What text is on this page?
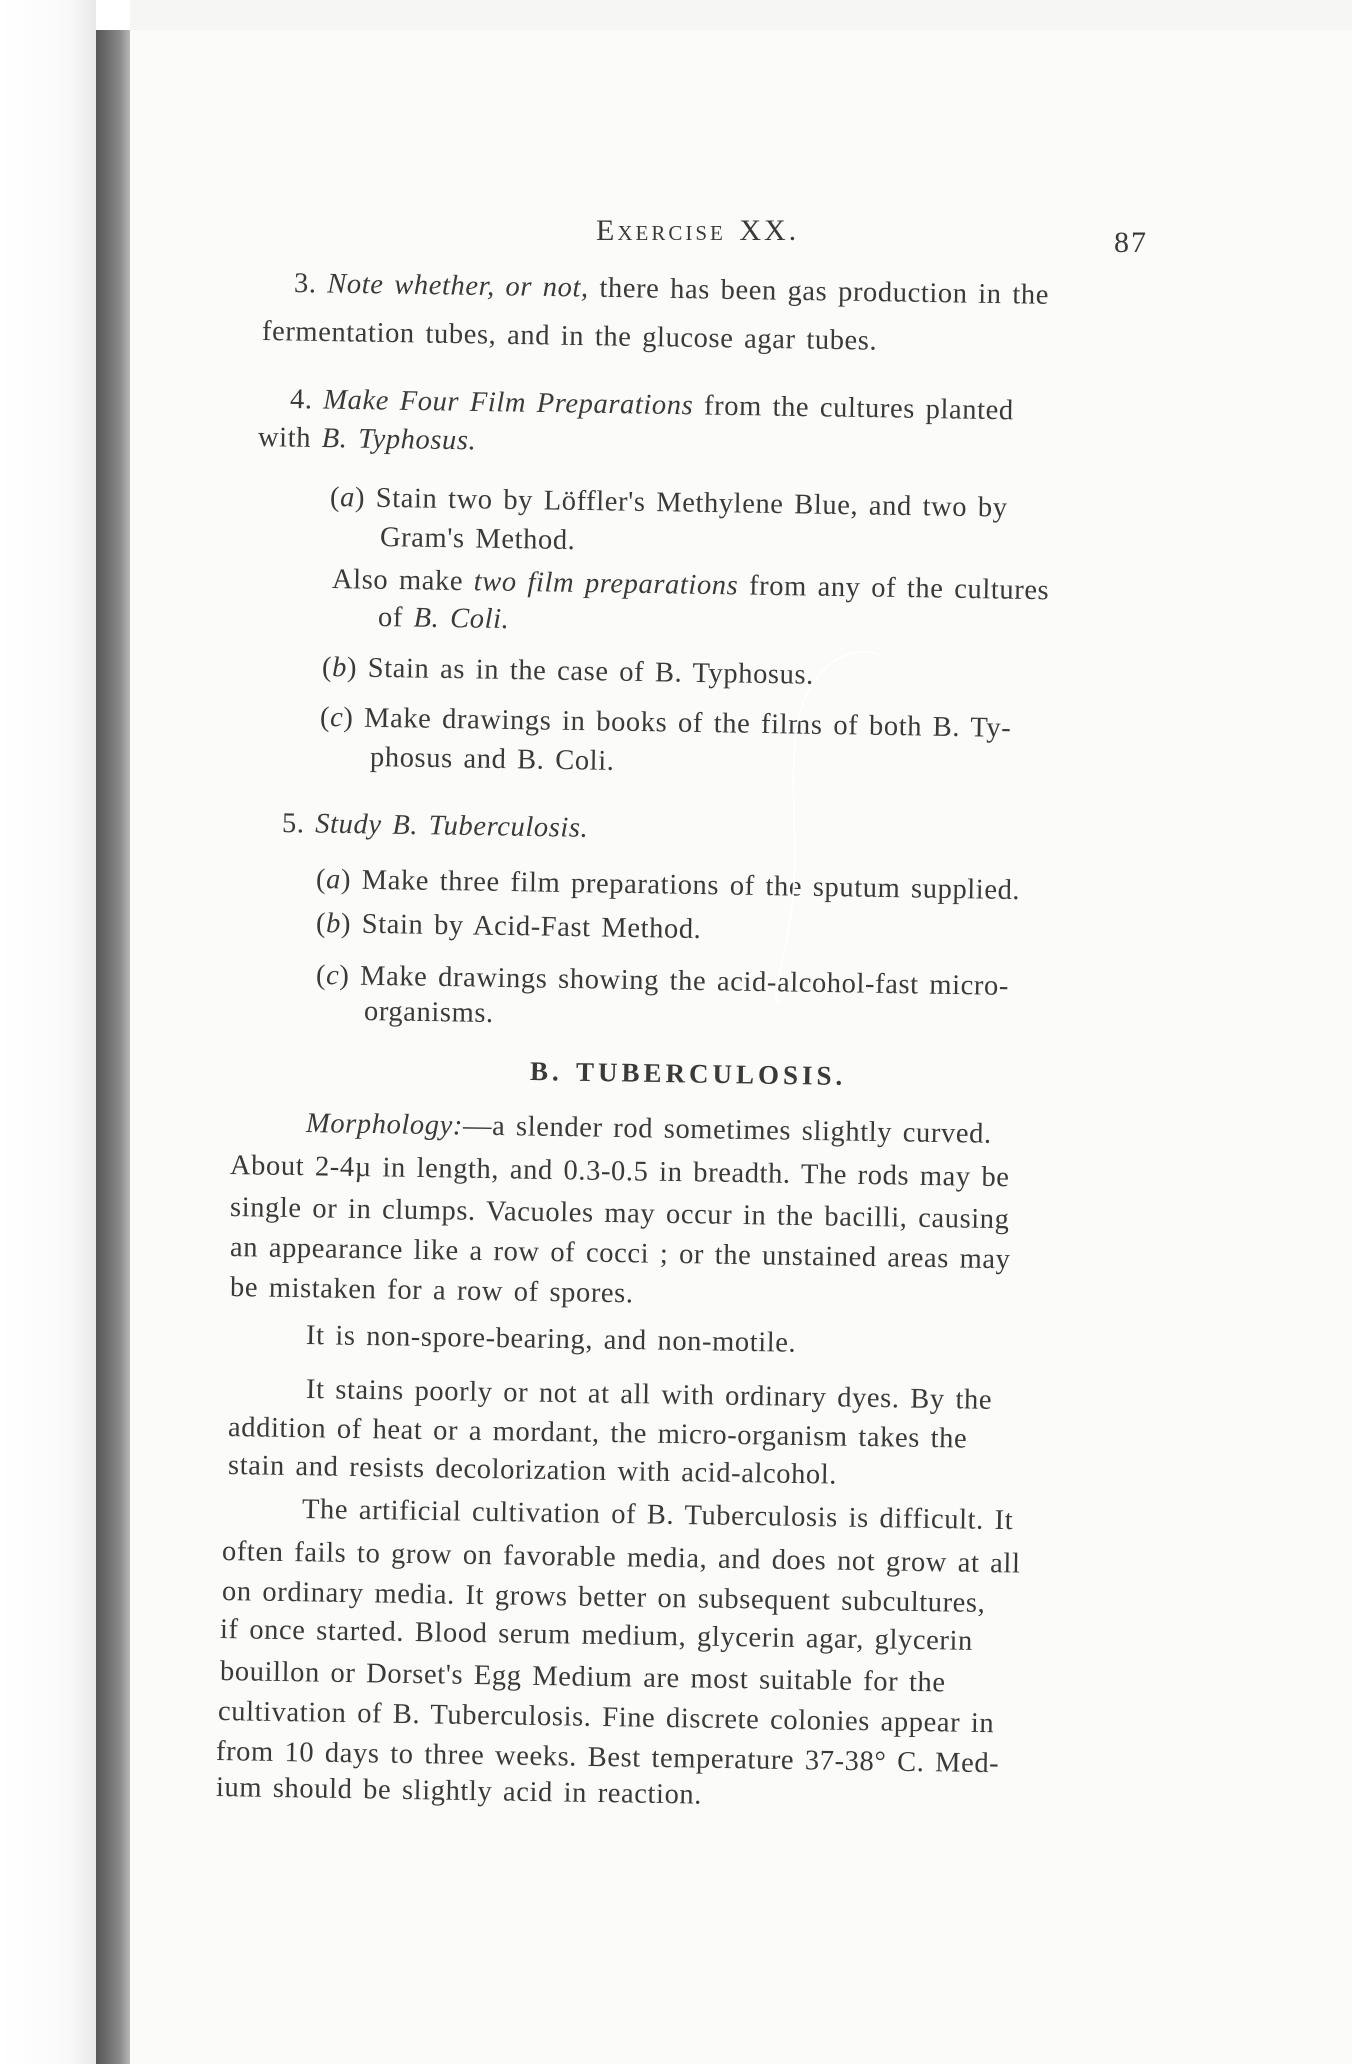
Exercise XX.	87
3. Note whether, or not, there has been gas production in the
fermentation tubes, and in the glucose agar tubes.
4. Make Four Film Preparations from the cultures planted
with B. Typhosus.
(a) Stain two by Löffler's Methylene Blue, and two by
Gram's Method.
Also make two film preparations from any of the cultures
of B. Coli.
(b) Stain as in the case of B. Typhosus.
(c) Make drawings in books of the films of both B. Ty-
phosus and B. Coli.
5. Study B. Tuberculosis.
(a) Make three film preparations of the sputum supplied.
(b) Stain by Acid-Fast Method.
(c) Make drawings showing the acid-alcohol-fast micro-
organisms.
B. TUBERCULOSIS.
Morphology:—a slender rod sometimes slightly curved.
About 2-4µ in length, and 0.3-0.5 in breadth. The rods may be
single or in clumps. Vacuoles may occur in the bacilli, causing
an appearance like a row of cocci ; or the unstained areas may
be mistaken for a row of spores.
It is non-spore-bearing, and non-motile.
It stains poorly or not at all with ordinary dyes. By the
addition of heat or a mordant, the micro-organism takes the
stain and resists decolorization with acid-alcohol.
The artificial cultivation of B. Tuberculosis is difficult. It
often fails to grow on favorable media, and does not grow at all
on ordinary media. It grows better on subsequent subcultures,
if once started. Blood serum medium, glycerin agar, glycerin
bouillon or Dorset's Egg Medium are most suitable for the
cultivation of B. Tuberculosis. Fine discrete colonies appear in
from 10 days to three weeks. Best temperature 37-38° C. Med-
ium should be slightly acid in reaction.
